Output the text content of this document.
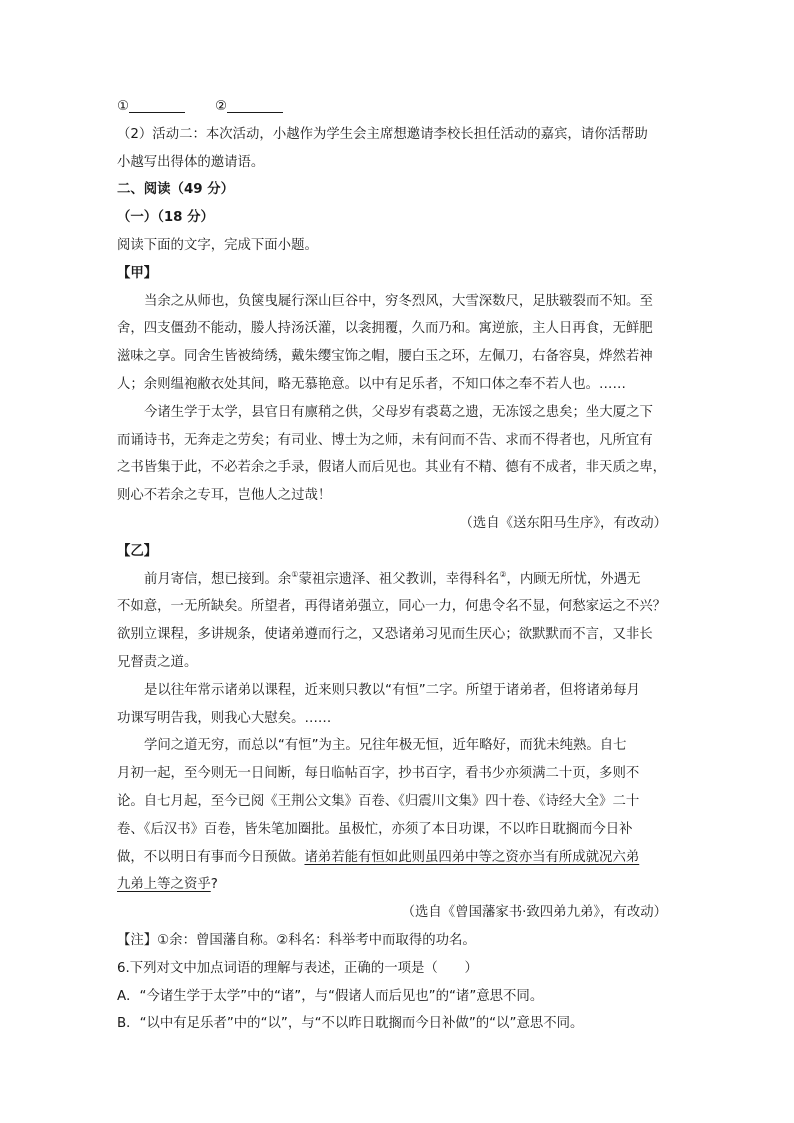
①	②

（2）活动二：本次活动，小越作为学生会主席想邀请李校长担任活动的嘉宾，请你活帮助

小越写出得体的邀请语。

二、阅读（49 分）

（一）（18 分）

阅读下面的文字，完成下面小题。

【甲】

当余之从师也，负箧曳屣行深山巨谷中，穷冬烈风，大雪深数尺，足肤皲裂而不知。至

舍，四支僵劲不能动，媵人持汤沃灌，以衾拥覆，久而乃和。寓逆旅，主人日再食，无鲜肥

滋味之享。同舍生皆被绮绣，戴朱缨宝饰之帽，腰白玉之环，左佩刀，右备容臭，烨然若神

人；余则缊袍敝衣处其间，略无慕艳意。以中有足乐者，不知口体之奉不若人也。……

今诸生学于太学，县官日有廪稍之供，父母岁有裘葛之遗，无冻馁之患矣；坐大厦之下

而诵诗书，无奔走之劳矣；有司业、博士为之师，未有问而不告、求而不得者也，凡所宜有

之书皆集于此，不必若余之手录，假诸人而后见也。其业有不精、德有不成者，非天质之卑，

则心不若余之专耳，岂他人之过哉！

（选自《送东阳马生序》，有改动）

【乙】

前月寄信，想已接到。余①蒙祖宗遗泽、祖父教训，幸得科名②，内顾无所忧，外遇无

不如意，一无所缺矣。所望者，再得诸弟强立，同心一力，何患令名不显，何愁家运之不兴？

欲别立课程，多讲规条，使诸弟遵而行之，又恐诸弟习见而生厌心；欲默默而不言，又非长

兄督责之道。

是以往年常示诸弟以课程，近来则只教以“有恒”二字。所望于诸弟者，但将诸弟每月

功课写明告我，则我心大慰矣。……

学问之道无穷，而总以“有恒”为主。兄往年极无恒，近年略好，而犹未纯熟。自七

月初一起，至今则无一日间断，每日临帖百字，抄书百字，看书少亦须满二十页，多则不

论。自七月起，至今已阅《王荆公文集》百卷、《归震川文集》四十卷、《诗经大全》二十

卷、《后汉书》百卷，皆朱笔加圈批。虽极忙，亦须了本日功课，不以昨日耽搁而今日补

做，不以明日有事而今日预做。诸弟若能有恒如此则虽四弟中等之资亦当有所成就况六弟

九弟上等之资乎?

（选自《曾国藩家书·致四弟九弟》，有改动）

【注】①余：曾国藩自称。②科名：科举考中而取得的功名。

6.下列对文中加点词语的理解与表述，正确的一项是（　　）

A．“今诸生学于太学”中的“诸”，与“假诸人而后见也”的“诸”意思不同。

B．“以中有足乐者”中的“以”，与“不以昨日耽搁而今日补做”的“以”意思不同。
